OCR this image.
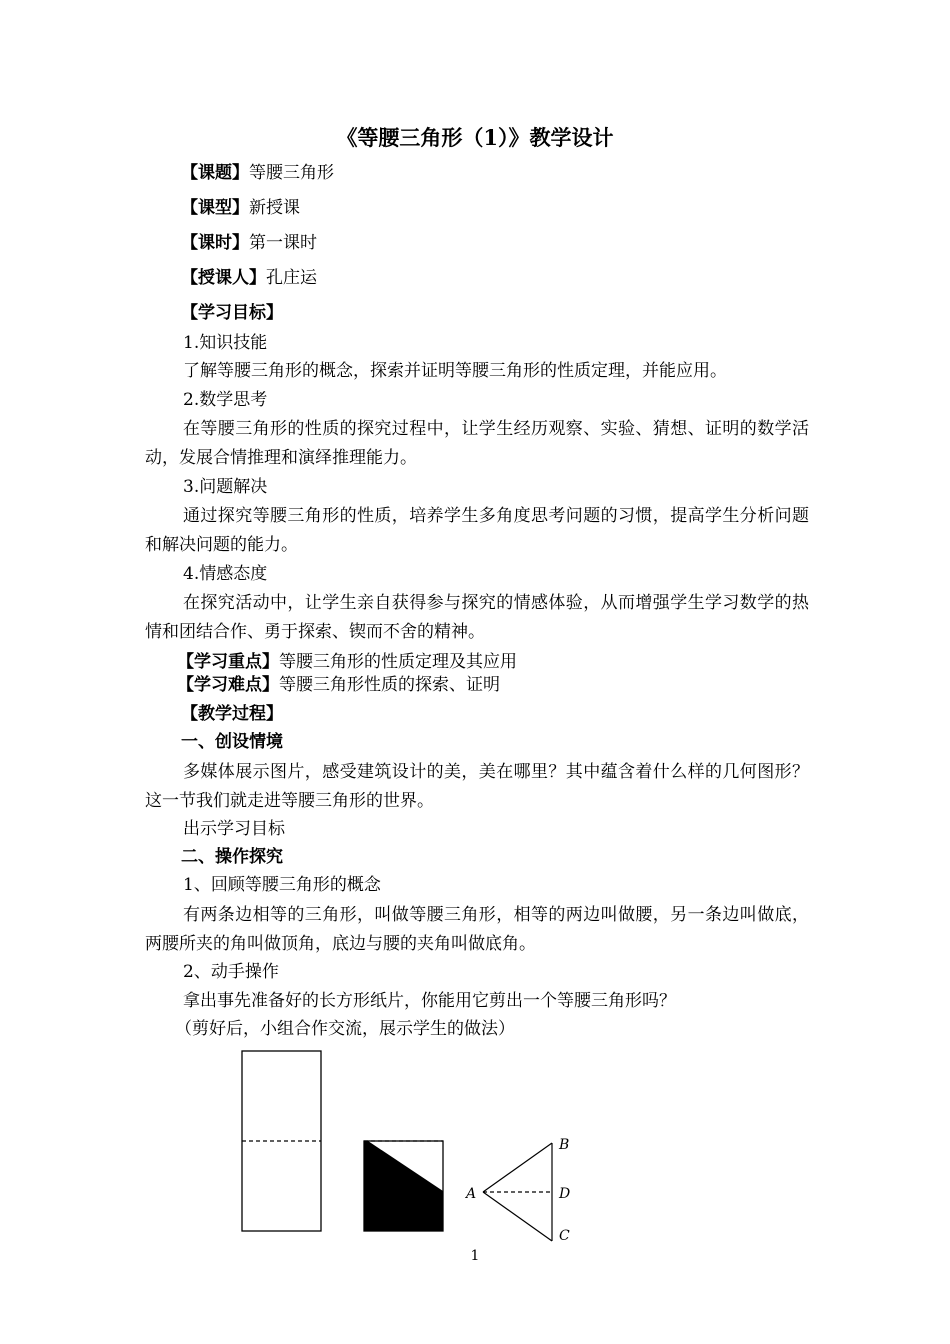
《等腰三角形（1）》教学设计
【课题】等腰三角形
【课型】新授课
【课时】第一课时
【授课人】孔庄运
【学习目标】
1.知识技能
了解等腰三角形的概念，探索并证明等腰三角形的性质定理，并能应用。
2.数学思考
在等腰三角形的性质的探究过程中，让学生经历观察、实验、猜想、证明的数学活动，发展合情推理和演绎推理能力。
3.问题解决
通过探究等腰三角形的性质，培养学生多角度思考问题的习惯，提高学生分析问题和解决问题的能力。
4.情感态度
在探究活动中，让学生亲自获得参与探究的情感体验，从而增强学生学习数学的热情和团结合作、勇于探索、锲而不舍的精神。
【学习重点】等腰三角形的性质定理及其应用
【学习难点】等腰三角形性质的探索、证明
【教学过程】
一、创设情境
多媒体展示图片，感受建筑设计的美，美在哪里？其中蕴含着什么样的几何图形？这一节我们就走进等腰三角形的世界。
出示学习目标
二、操作探究
1、回顾等腰三角形的概念
有两条边相等的三角形，叫做等腰三角形，相等的两边叫做腰，另一条边叫做底，两腰所夹的角叫做顶角，底边与腰的夹角叫做底角。
2、动手操作
拿出事先准备好的长方形纸片，你能用它剪出一个等腰三角形吗？
（剪好后，小组合作交流，展示学生的做法）
A
B
D
C
1
